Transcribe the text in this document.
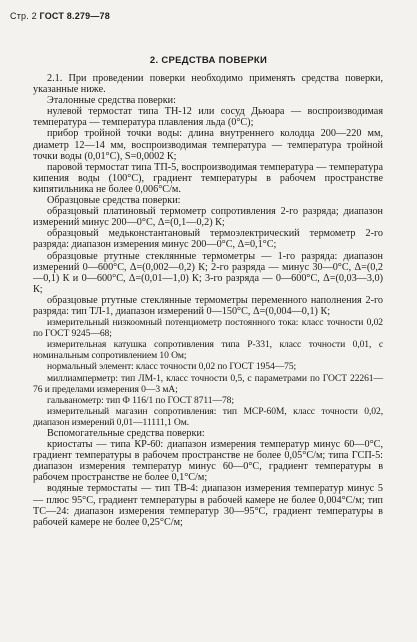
Стр. 2 ГОСТ 8.279—78
2. СРЕДСТВА ПОВЕРКИ

2.1. При проведении поверки необходимо применять средства поверки, указанные ниже.

Эталонные средства поверки:

нулевой термостат типа ТН-12 или сосуд Дьюара — воспроизводимая температура — температура плавления льда (0°С);

прибор тройной точки воды: длина внутреннего колодца 200—220 мм, диаметр 12—14 мм, воспроизводимая температура — температура тройной точки воды (0,01°С), S=0,0002 К;

паровой термостат типа ТП-5, воспроизводимая температура — температура кипения воды (100°С), градиент температуры в рабочем пространстве кипятильника не более 0,006°С/м.

Образцовые средства поверки:

образцовый платиновый термометр сопротивления 2-го разряда; диапазон измерений минус 200—0°С, Δ=(0,1—0,2) К;

образцовый медьконстантановый термоэлектрический термометр 2-го разряда: диапазон измерения минус 200—0°С, Δ=0,1°С;

образцовые ртутные стеклянные термометры — 1-го разряда: диапазон измерений 0—600°С, Δ=(0,002—0,2) К; 2-го разряда — минус 30—0°С, Δ=(0,2—0,1) К и 0—600°С, Δ=(0,01—1,0) К; 3-го разряда — 0—600°С, Δ=(0,03—3,0) К;

образцовые ртутные стеклянные термометры переменного наполнения 2-го разряда: тип ТЛ-1, диапазон измерений 0—150°С, Δ=(0,004—0,1) К;

измерительный низкоомный потенциометр постоянного тока: класс точности 0,02 по ГОСТ 9245—68;

измерительная катушка сопротивления типа Р-331, класс точности 0,01, с номинальным сопротивлением 10 Ом;

нормальный элемент: класс точности 0,02 по ГОСТ 1954—75;

миллиамперметр: тип ЛМ-1, класс точности 0,5, с параметрами по ГОСТ 22261—76 и пределами измерения 0—3 мА;

гальванометр: тип Ф 116/1 по ГОСТ 8711—78;

измерительный магазин сопротивления: тип МСР-60М, класс точности 0,02, диапазон измерений 0,01—11111,1 Ом.

Вспомогательные средства поверки:

криостаты — типа КР-60: диапазон измерения температур минус 60—0°С, градиент температуры в рабочем пространстве не более 0,05°С/м; типа ГСП-5: диапазон измерения температур минус 60—0°С, градиент температуры в рабочем пространстве не более 0,1°С/м;

водяные термостаты — тип ТВ-4: диапазон измерения температур минус 5 — плюс 95°С, градиент температуры в рабочей камере не более 0,004°С/м; тип ТС—24: диапазон измерения температур 30—95°С, градиент температуры в рабочей камере не более 0,25°С/м;
